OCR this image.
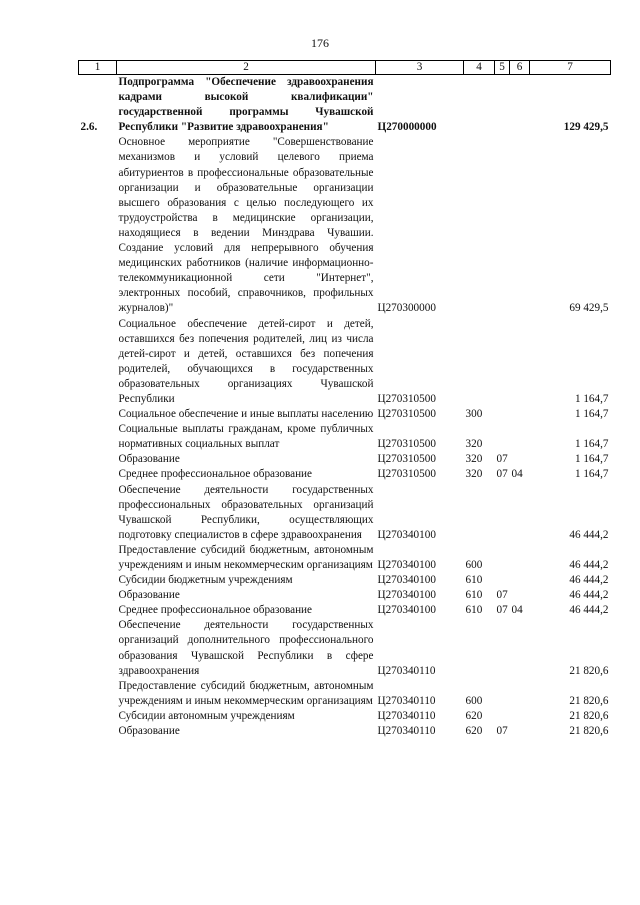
176
1	2	3	4	5	6	7
2.6.	Подпрограмма "Обеспечение здравоохранения кадрами высокой квалификации" государственной программы Чувашской Республики "Развитие здравоохранения"	Ц270000000				129 429,5
	Основное мероприятие "Совершенствование механизмов и условий целевого приема абитуриентов в профессиональные образовательные организации и образовательные организации высшего образования с целью последующего их трудоустройства в медицинские организации, находящиеся в ведении Минздрава Чувашии. Создание условий для непрерывного обучения медицинских работников (наличие информационно-телекоммуникационной сети "Интернет", электронных пособий, справочников, профильных журналов)"	Ц270300000				69 429,5
	Социальное обеспечение детей-сирот и детей, оставшихся без попечения родителей, лиц из числа детей-сирот и детей, оставшихся без попечения родителей, обучающихся в государственных образовательных организациях Чувашской Республики	Ц270310500				1 164,7
	Социальное обеспечение и иные выплаты населению	Ц270310500	300			1 164,7
	Социальные выплаты гражданам, кроме публичных нормативных социальных выплат	Ц270310500	320			1 164,7
	Образование	Ц270310500	320	07		1 164,7
	Среднее профессиональное образование	Ц270310500	320	07	04	1 164,7
	Обеспечение деятельности государственных профессиональных образовательных организаций Чувашской Республики, осуществляющих подготовку специалистов в сфере здравоохранения	Ц270340100				46 444,2
	Предоставление субсидий бюджетным, автономным учреждениям и иным некоммерческим организациям	Ц270340100	600			46 444,2
	Субсидии бюджетным учреждениям	Ц270340100	610			46 444,2
	Образование	Ц270340100	610	07		46 444,2
	Среднее профессиональное образование	Ц270340100	610	07	04	46 444,2
	Обеспечение деятельности государственных организаций дополнительного профессионального образования Чувашской Республики в сфере здравоохранения	Ц270340110				21 820,6
	Предоставление субсидий бюджетным, автономным учреждениям и иным некоммерческим организациям	Ц270340110	600			21 820,6
	Субсидии автономным учреждениям	Ц270340110	620			21 820,6
	Образование	Ц270340110	620	07		21 820,6
